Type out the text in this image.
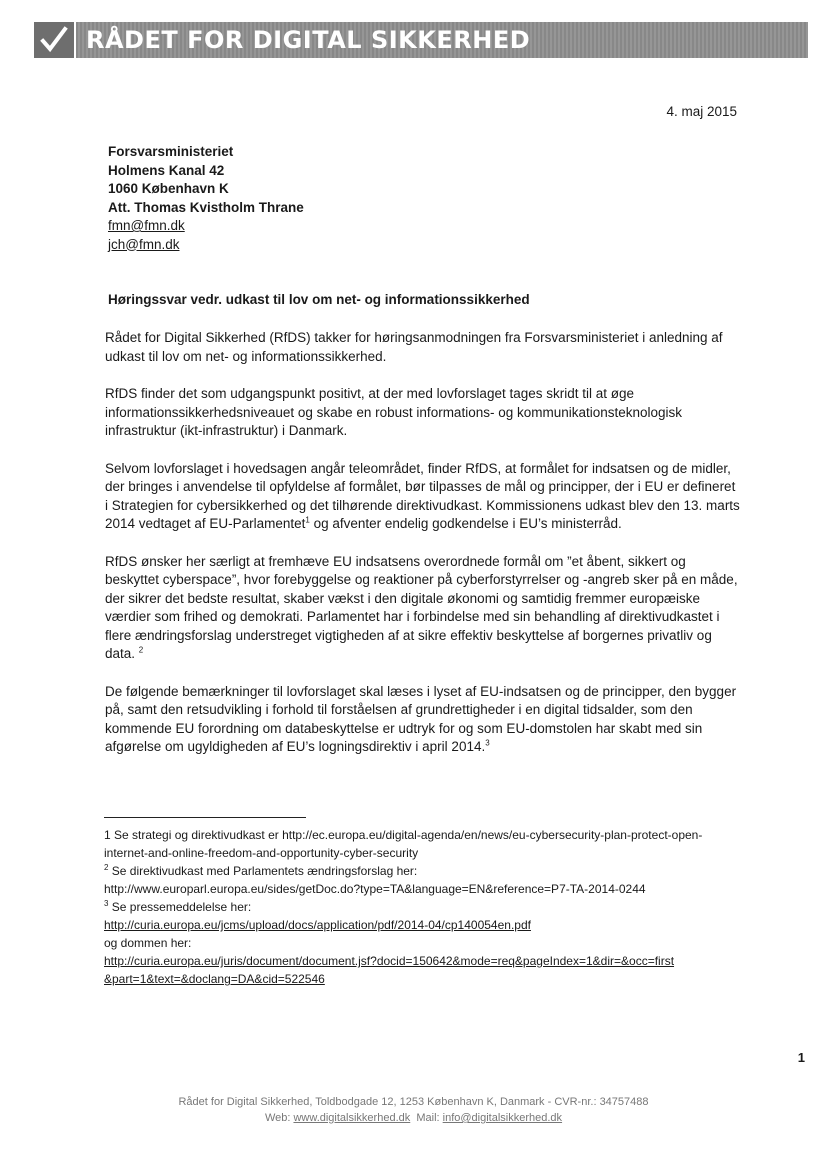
RÅDET FOR DIGITAL SIKKERHED
4. maj 2015
Forsvarsministeriet
Holmens Kanal 42
1060 København K
Att. Thomas Kvistholm Thrane
fmn@fmn.dk
jch@fmn.dk
Høringssvar vedr. udkast til lov om net- og informationssikkerhed

Rådet for Digital Sikkerhed (RfDS) takker for høringsanmodningen fra Forsvarsministeriet i anledning af udkast til lov om net- og informationssikkerhed.

RfDS finder det som udgangspunkt positivt, at der med lovforslaget tages skridt til at øge informationssikkerhedsniveauet og skabe en robust informations- og kommunikationsteknologisk infrastruktur (ikt-infrastruktur) i Danmark.

Selvom lovforslaget i hovedsagen angår teleområdet, finder RfDS, at formålet for indsatsen og de midler, der bringes i anvendelse til opfyldelse af formålet, bør tilpasses de mål og principper, der i EU er defineret i Strategien for cybersikkerhed og det tilhørende direktivudkast. Kommissionens udkast blev den 13. marts 2014 vedtaget af EU-Parlamentet$^1$ og afventer endelig godkendelse i EU’s ministerråd.

RfDS ønsker her særligt at fremhæve EU indsatsens overordnede formål om ”et åbent, sikkert og beskyttet cyberspace”, hvor forebyggelse og reaktioner på cyberforstyrrelser og -angreb sker på en måde, der sikrer det bedste resultat, skaber vækst i den digitale økonomi og samtidig fremmer europæiske værdier som frihed og demokrati. Parlamentet har i forbindelse med sin behandling af direktivudkastet i flere ændringsforslag understreget vigtigheden af at sikre effektiv beskyttelse af borgernes privatliv og data. $^2$

De følgende bemærkninger til lovforslaget skal læses i lyset af EU-indsatsen og de principper, den bygger på, samt den retsudvikling i forhold til forståelsen af grundrettigheder i en digital tidsalder, som den kommende EU forordning om databeskyttelse er udtryk for og som EU-domstolen har skabt med sin afgørelse om ugyldigheden af EU’s logningsdirektiv i april 2014.$^3$

1 Se strategi og direktivudkast er http://ec.europa.eu/digital-agenda/en/news/eu-cybersecurity-plan-protect-open-internet-and-online-freedom-and-opportunity-cyber-security
$^2$ Se direktivudkast med Parlamentets ændringsforslag her:
http://www.europarl.europa.eu/sides/getDoc.do?type=TA&language=EN&reference=P7-TA-2014-0244
$^3$ Se pressemeddelelse her:
http://curia.europa.eu/jcms/upload/docs/application/pdf/2014-04/cp140054en.pdf
og dommen her:
http://curia.europa.eu/juris/document/document.jsf?docid=150642&mode=req&pageIndex=1&dir=&occ=first
&part=1&text=&doclang=DA&cid=522546
1
Rådet for Digital Sikkerhed, Toldbodgade 12, 1253 København K, Danmark - CVR-nr.: 34757488
Web: www.digitalsikkerhed.dk  Mail: info@digitalsikkerhed.dk
